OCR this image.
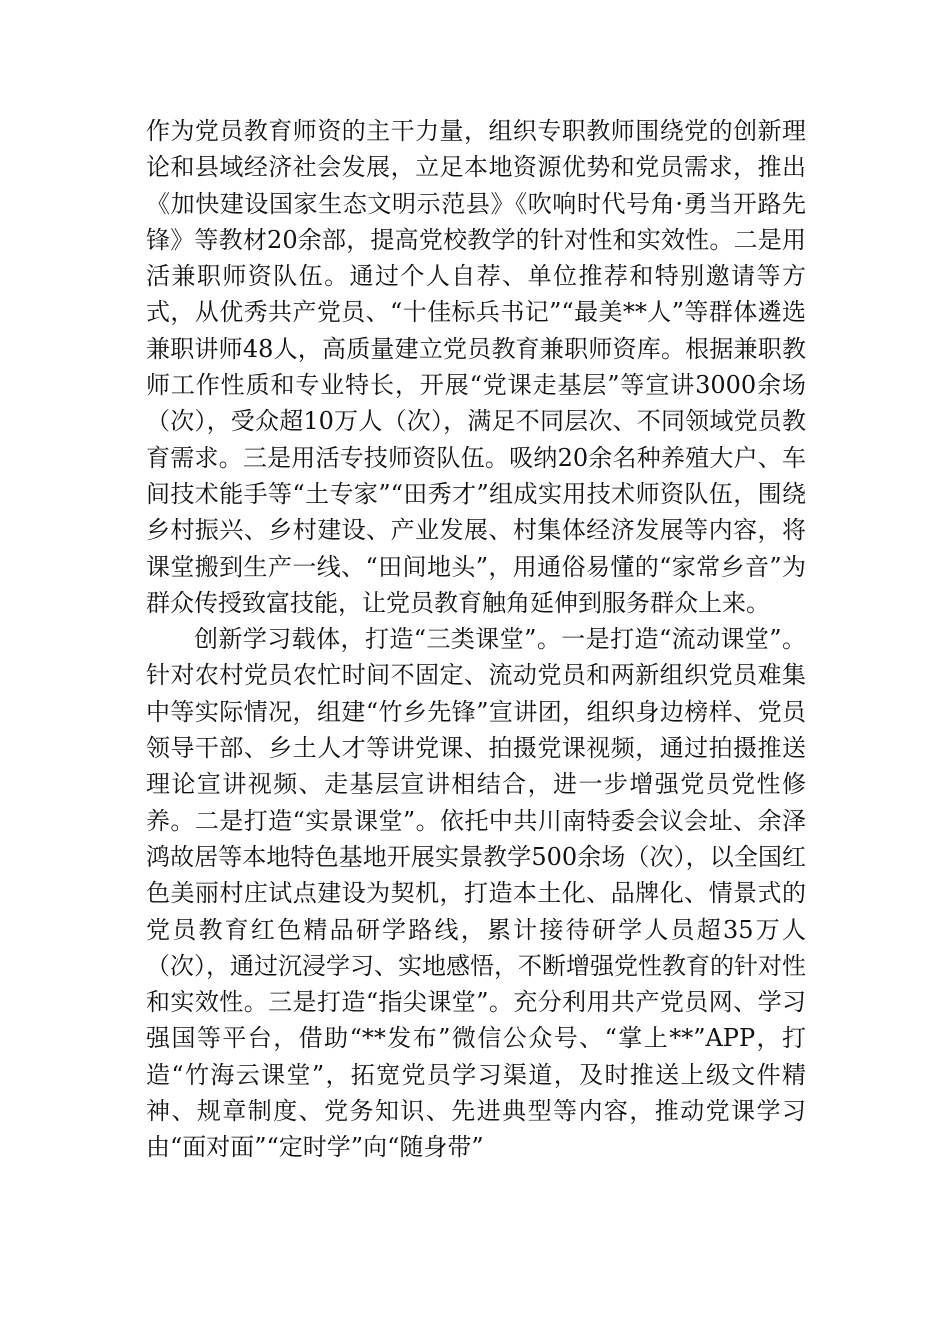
作为党员教育师资的主干力量，组织专职教师围绕党的创新理论和县域经济社会发展，立足本地资源优势和党员需求，推出《加快建设国家生态文明示范县》《吹响时代号角·勇当开路先锋》等教材20余部，提高党校教学的针对性和实效性。二是用活兼职师资队伍。通过个人自荐、单位推荐和特别邀请等方式，从优秀共产党员、“十佳标兵书记”“最美**人”等群体遴选兼职讲师48人，高质量建立党员教育兼职师资库。根据兼职教师工作性质和专业特长，开展“党课走基层”等宣讲3000余场（次），受众超10万人（次），满足不同层次、不同领域党员教育需求。三是用活专技师资队伍。吸纳20余名种养殖大户、车间技术能手等“土专家”“田秀才”组成实用技术师资队伍，围绕乡村振兴、乡村建设、产业发展、村集体经济发展等内容，将课堂搬到生产一线、“田间地头”，用通俗易懂的“家常乡音”为群众传授致富技能，让党员教育触角延伸到服务群众上来。

创新学习载体，打造“三类课堂”。一是打造“流动课堂”。针对农村党员农忙时间不固定、流动党员和两新组织党员难集中等实际情况，组建“竹乡先锋”宣讲团，组织身边榜样、党员领导干部、乡土人才等讲党课、拍摄党课视频，通过拍摄推送理论宣讲视频、走基层宣讲相结合，进一步增强党员党性修养。二是打造“实景课堂”。依托中共川南特委会议会址、余泽鸿故居等本地特色基地开展实景教学500余场（次），以全国红色美丽村庄试点建设为契机，打造本土化、品牌化、情景式的党员教育红色精品研学路线，累计接待研学人员超35万人（次），通过沉浸学习、实地感悟，不断增强党性教育的针对性和实效性。三是打造“指尖课堂”。充分利用共产党员网、学习强国等平台，借助“**发布”微信公众号、“掌上**”APP，打造“竹海云课堂”，拓宽党员学习渠道，及时推送上级文件精神、规章制度、党务知识、先进典型等内容，推动党课学习由“面对面”“定时学”向“随身带”
